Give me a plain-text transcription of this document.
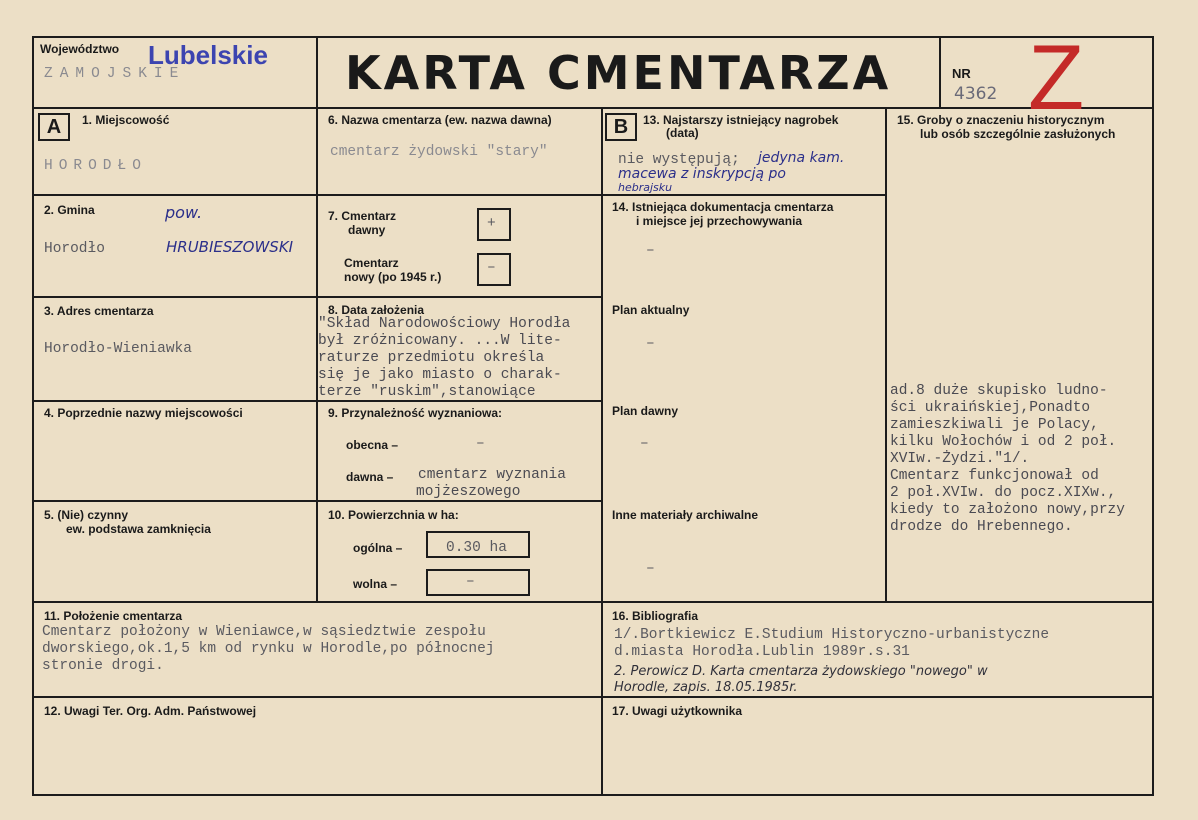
Województwo Lubelskie
ZAMOJSKIE	KARTA CMENTARZA	NR
4362 Z
A	1. Miejscowość
HORODŁO
2. Gmina	pow.
Horodło	HRUBIESZOWSKI
3. Adres cmentarza
Horodło-Wieniawka
4. Poprzednie nazwy miejscowości
5. (Nie) czynny
ew. podstawa zamknięcia
6. Nazwa cmentarza (ew. nazwa dawna)
cmentarz żydowski "stary"
7. Cmentarz
dawny	+
Cmentarz
nowy (po 1945 r.)
–
8. Data założenia
"Skład Narodowościowy Horodła
był zróżnicowany. ...W lite-
raturze przedmiotu określa
się je jako miasto o charak-
terze "ruskim",stanowiące
9. Przynależność wyznaniowa:
obecna –	–
dawna – cmentarz wyznania
mojżeszowego
10. Powierzchnia w ha:
ogólna –	0.30 ha
wolna –	–
11. Położenie cmentarza
Cmentarz położony w Wieniawce,w sąsiedztwie zespołu
dworskiego,ok.1,5 km od rynku w Horodle,po północnej
stronie drogi.
12. Uwagi Ter. Org. Adm. Państwowej
B	13. Najstarszy istniejący nagrobek
(data)
nie występują; jedyna kam.
macewa z inskrypcją po
hebrajsku
14. Istniejąca dokumentacja cmentarza
i miejsce jej przechowywania
–
Plan aktualny
–
Plan dawny
–
Inne materiały archiwalne
–
15. Groby o znaczeniu historycznym
lub osób szczególnie zasłużonych
ad.8 duże skupisko ludno-
ści ukraińskiej,Ponadto
zamieszkiwali je Polacy,
kilku Wołochów i od 2 poł.
XVIw.-Żydzi."1/.
Cmentarz funkcjonował od
2 poł.XVIw. do pocz.XIXw.,
kiedy to założono nowy,przy
drodze do Hrebennego.
16. Bibliografia
1/.Bortkiewicz E.Studium Historyczno-urbanistyczne
d.miasta Horodła.Lublin 1989r.s.31
2. Perowicz D. Karta cmentarza żydowskiego "nowego" w
Horodle, zapis. 18.05.1985r.
17. Uwagi użytkownika
